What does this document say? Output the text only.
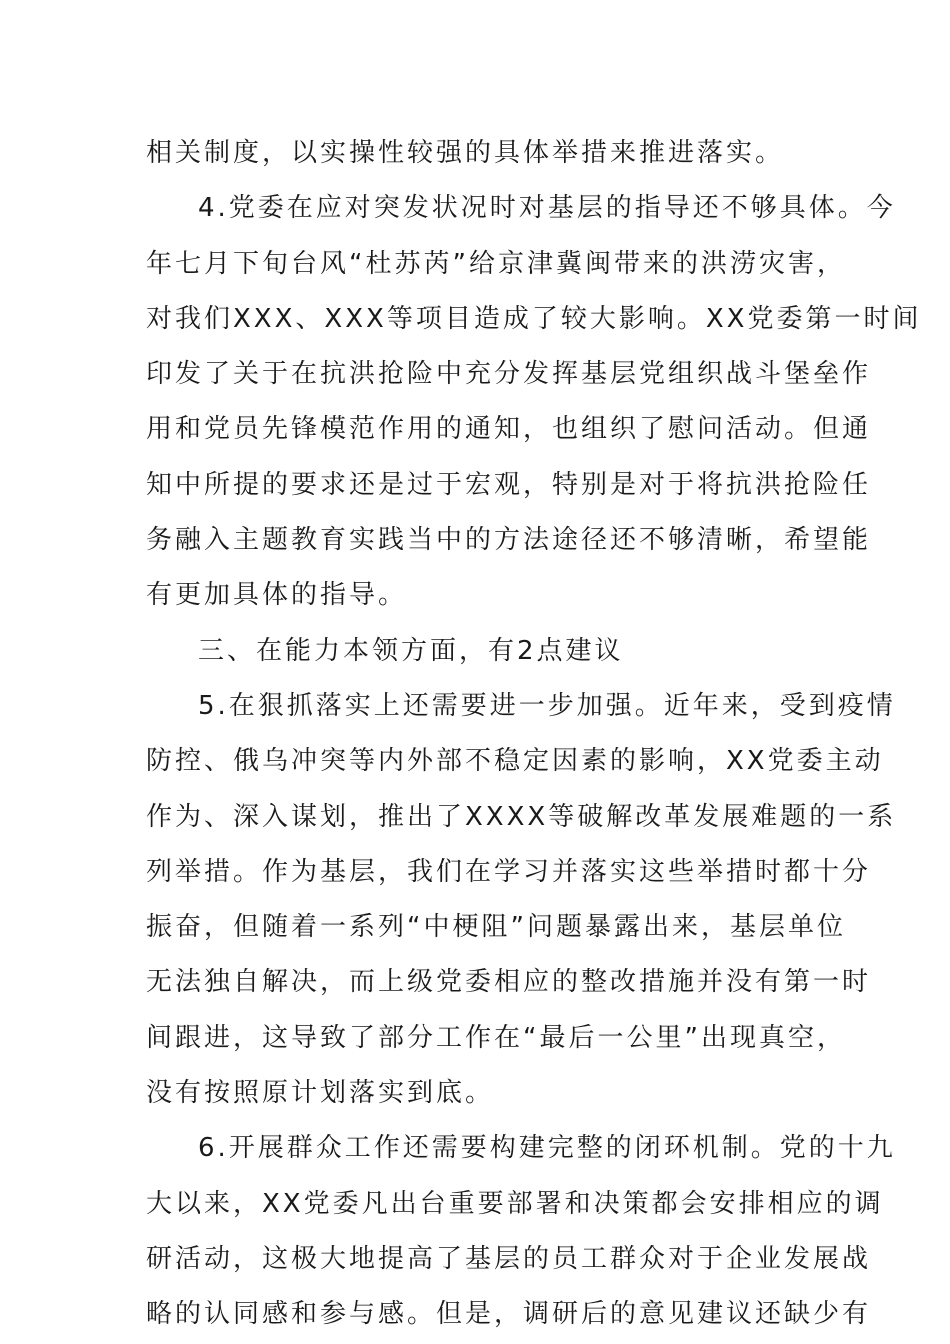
相关制度，以实操性较强的具体举措来推进落实。
4.党委在应对突发状况时对基层的指导还不够具体。今
年七月下旬台风“杜苏芮”给京津冀闽带来的洪涝灾害，
对我们XXX、XXX等项目造成了较大影响。XX党委第一时间
印发了关于在抗洪抢险中充分发挥基层党组织战斗堡垒作
用和党员先锋模范作用的通知，也组织了慰问活动。但通
知中所提的要求还是过于宏观，特别是对于将抗洪抢险任
务融入主题教育实践当中的方法途径还不够清晰，希望能
有更加具体的指导。
三、在能力本领方面，有2点建议
5.在狠抓落实上还需要进一步加强。近年来，受到疫情
防控、俄乌冲突等内外部不稳定因素的影响，XX党委主动
作为、深入谋划，推出了XXXX等破解改革发展难题的一系
列举措。作为基层，我们在学习并落实这些举措时都十分
振奋，但随着一系列“中梗阻”问题暴露出来，基层单位
无法独自解决，而上级党委相应的整改措施并没有第一时
间跟进，这导致了部分工作在“最后一公里”出现真空，
没有按照原计划落实到底。
6.开展群众工作还需要构建完整的闭环机制。党的十九
大以来，XX党委凡出台重要部署和决策都会安排相应的调
研活动，这极大地提高了基层的员工群众对于企业发展战
略的认同感和参与感。但是，调研后的意见建议还缺少有
